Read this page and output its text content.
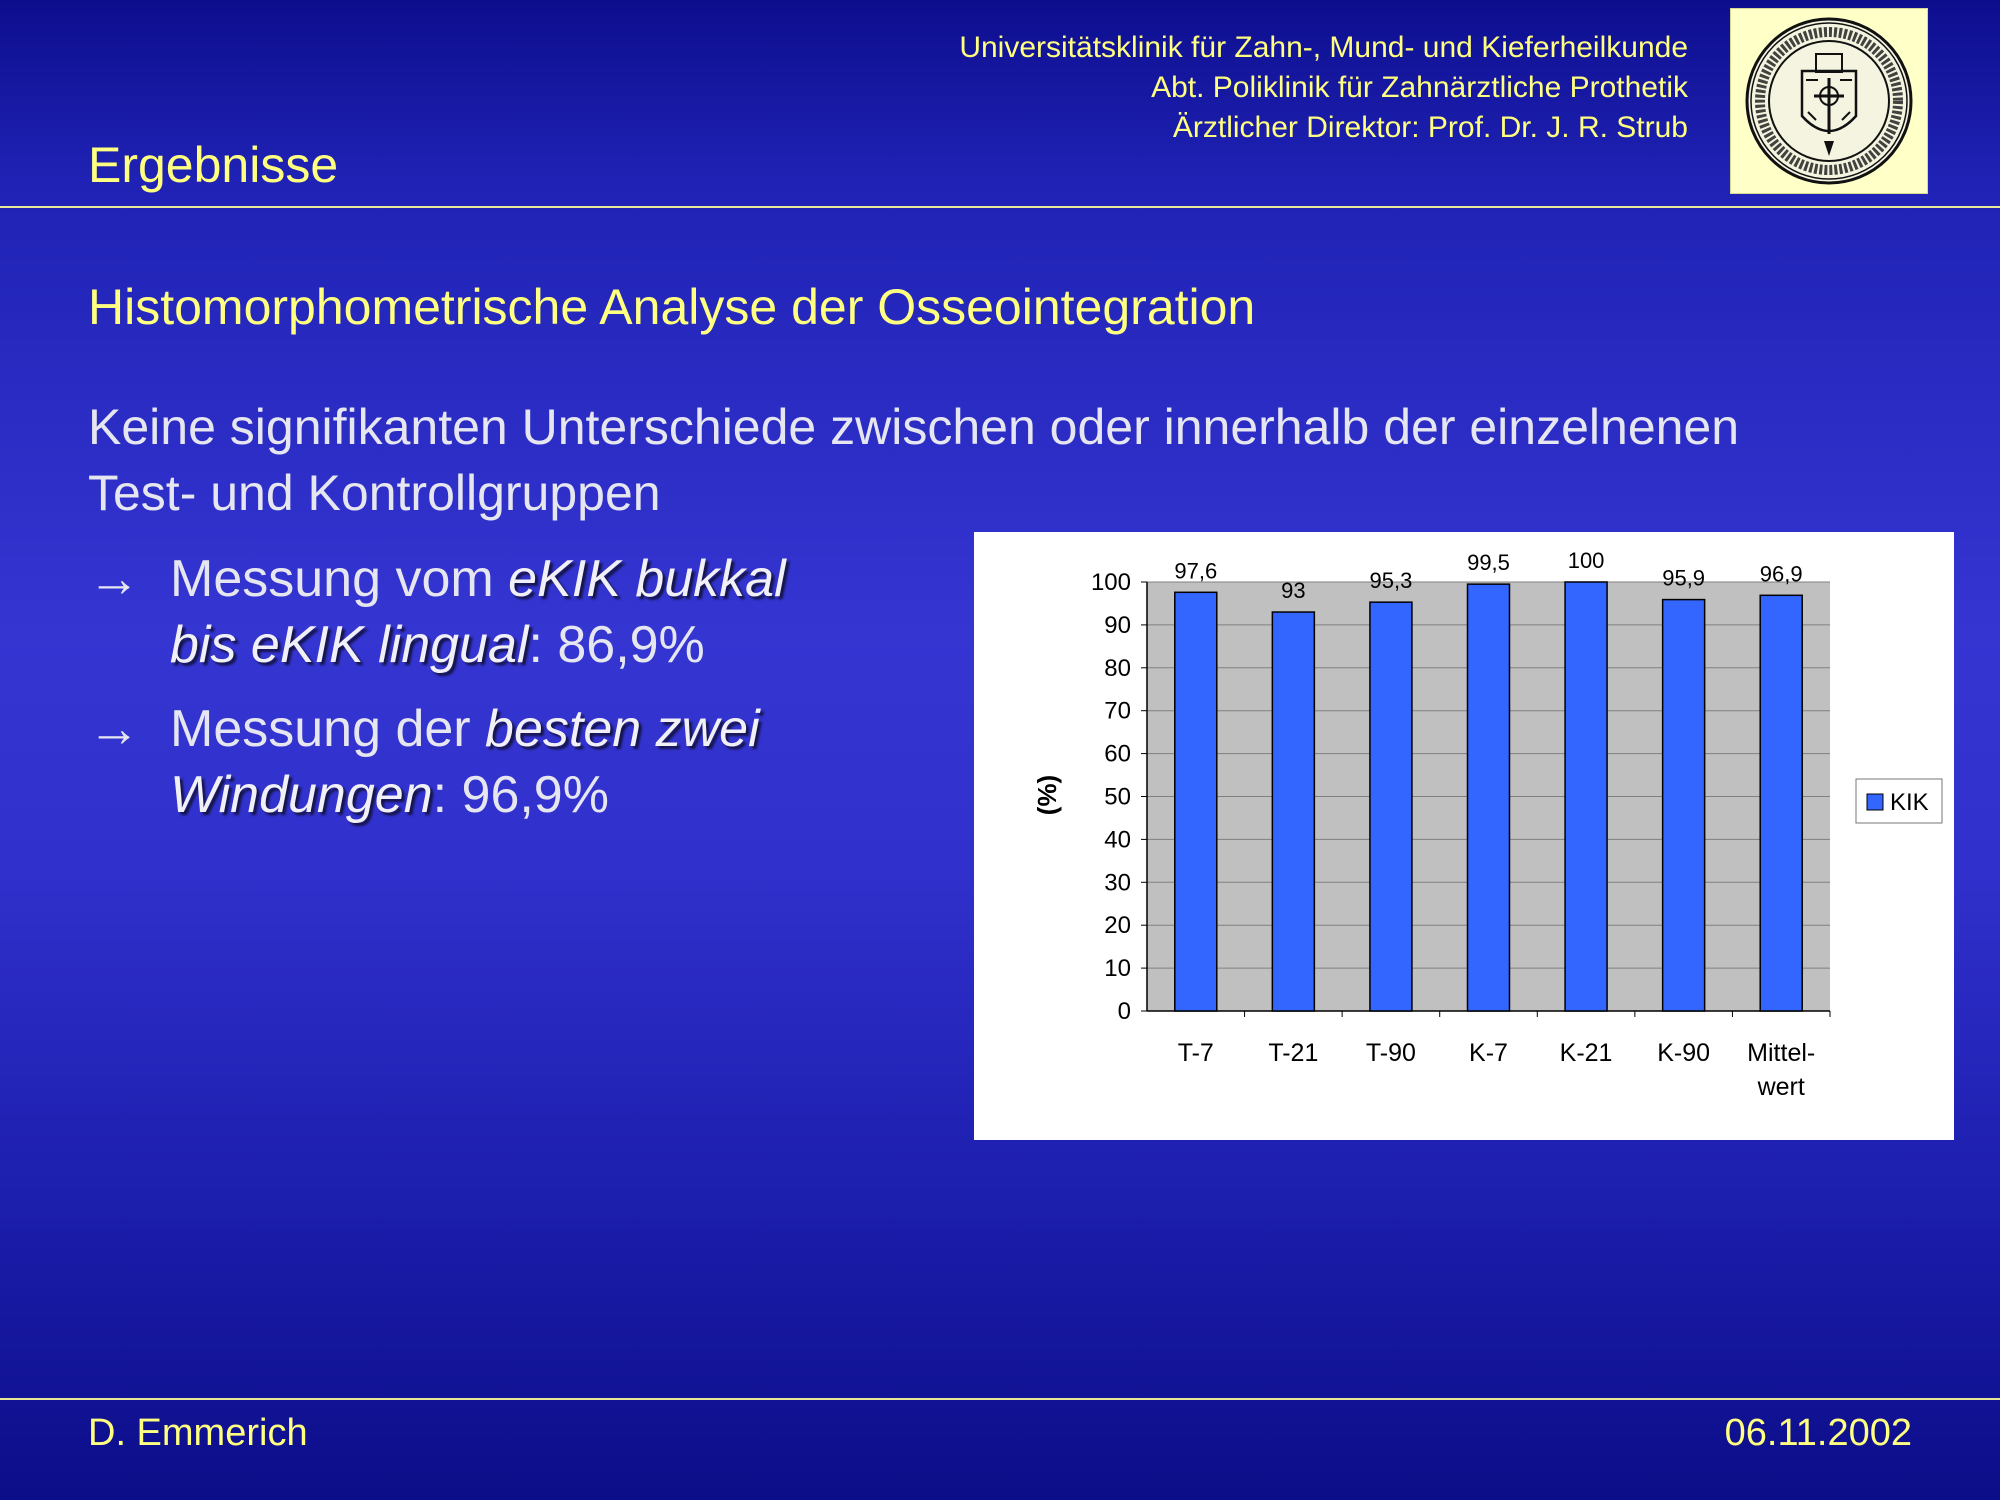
Universitätsklinik für Zahn-, Mund- und Kieferheilkunde
Abt. Poliklinik für Zahnärztliche Prothetik
Ärztlicher Direktor: Prof. Dr. J. R. Strub
Ergebnisse
Histomorphometrische Analyse der Osseointegration
Keine signifikanten Unterschiede zwischen oder innerhalb der einzelnenen
Test- und Kontrollgruppen
→ Messung vom eKIK bukkal
bis eKIK lingual: 86,9%
→ Messung der besten zwei
Windungen: 96,9%
0
10
20
30
40
50
60
70
80
90
100 97,6
T-7
93
T-21
95,3
T-90
99,5
K-7
100
K-21
95,9
K-90
96,9
Mittel-
wert
(%)	KIK
D. Emmerich	06.11.2002
